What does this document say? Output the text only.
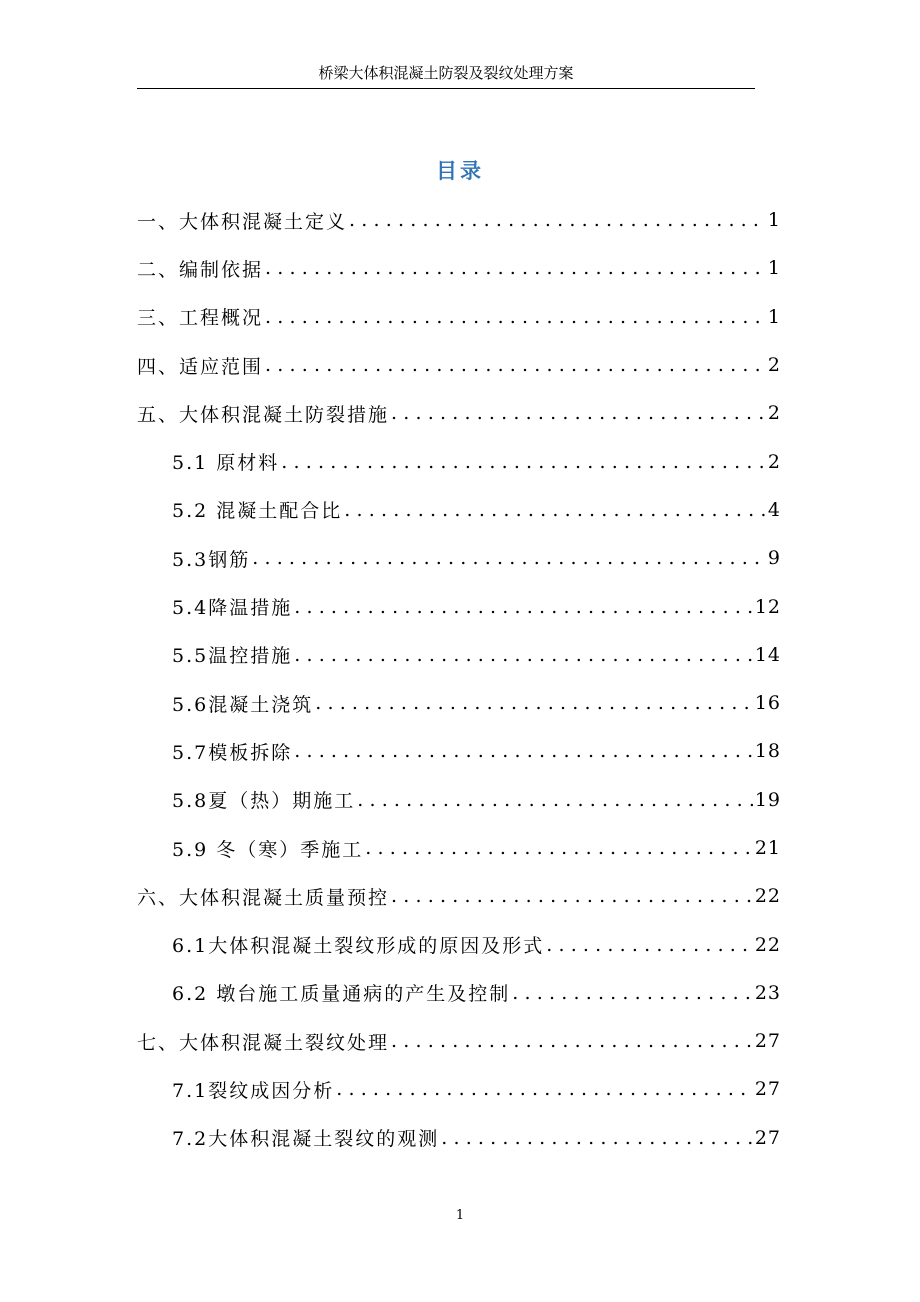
桥梁大体积混凝土防裂及裂纹处理方案
目录
一、大体积混凝土定义 .....	1
二、编制依据 .....	1
三、工程概况 .....	1
四、适应范围 .....	2
五、大体积混凝土防裂措施 .....	2
5.1 原材料 .....	2
5.2 混凝土配合比 .....	4
5.3钢筋 .....	9
5.4降温措施 .....	12
5.5温控措施 .....	14
5.6混凝土浇筑 .....	16
5.7模板拆除 .....	18
5.8夏（热）期施工 .....	19
5.9 冬（寒）季施工 .....	21
六、大体积混凝土质量预控 .....	22
6.1大体积混凝土裂纹形成的原因及形式 .....	22
6.2 墩台施工质量通病的产生及控制 .....	23
七、大体积混凝土裂纹处理 .....	27
7.1裂纹成因分析 .....	27
7.2大体积混凝土裂纹的观测 .....	27
1
